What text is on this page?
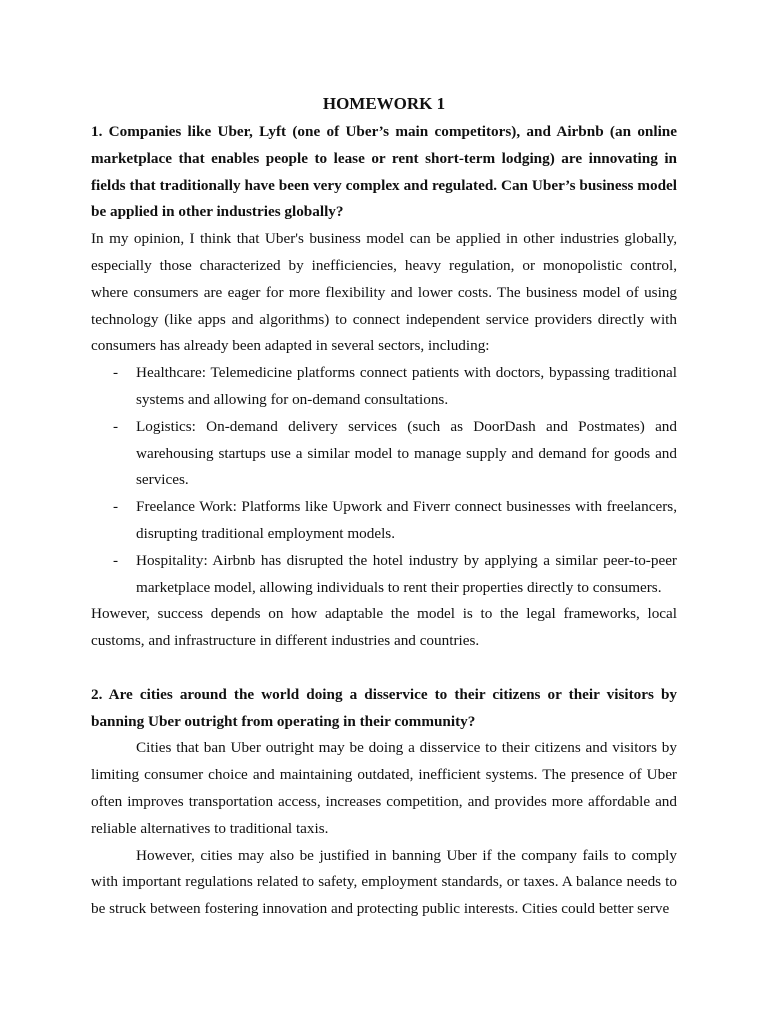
HOMEWORK 1

1. Companies like Uber, Lyft (one of Uber’s main competitors), and Airbnb (an online marketplace that enables people to lease or rent short-term lodging) are innovating in fields that traditionally have been very complex and regulated. Can Uber’s business model be applied in other industries globally?

In my opinion, I think that Uber's business model can be applied in other industries globally, especially those characterized by inefficiencies, heavy regulation, or monopolistic control, where consumers are eager for more flexibility and lower costs. The business model of using technology (like apps and algorithms) to connect independent service providers directly with consumers has already been adapted in several sectors, including:

- Healthcare: Telemedicine platforms connect patients with doctors, bypassing traditional systems and allowing for on-demand consultations.
- Logistics: On-demand delivery services (such as DoorDash and Postmates) and warehousing startups use a similar model to manage supply and demand for goods and services.
- Freelance Work: Platforms like Upwork and Fiverr connect businesses with freelancers, disrupting traditional employment models.
- Hospitality: Airbnb has disrupted the hotel industry by applying a similar peer-to-peer marketplace model, allowing individuals to rent their properties directly to consumers.

However, success depends on how adaptable the model is to the legal frameworks, local customs, and infrastructure in different industries and countries.

2. Are cities around the world doing a disservice to their citizens or their visitors by banning Uber outright from operating in their community?

Cities that ban Uber outright may be doing a disservice to their citizens and visitors by limiting consumer choice and maintaining outdated, inefficient systems. The presence of Uber often improves transportation access, increases competition, and provides more affordable and reliable alternatives to traditional taxis.

However, cities may also be justified in banning Uber if the company fails to comply with important regulations related to safety, employment standards, or taxes. A balance needs to be struck between fostering innovation and protecting public interests. Cities could better serve
